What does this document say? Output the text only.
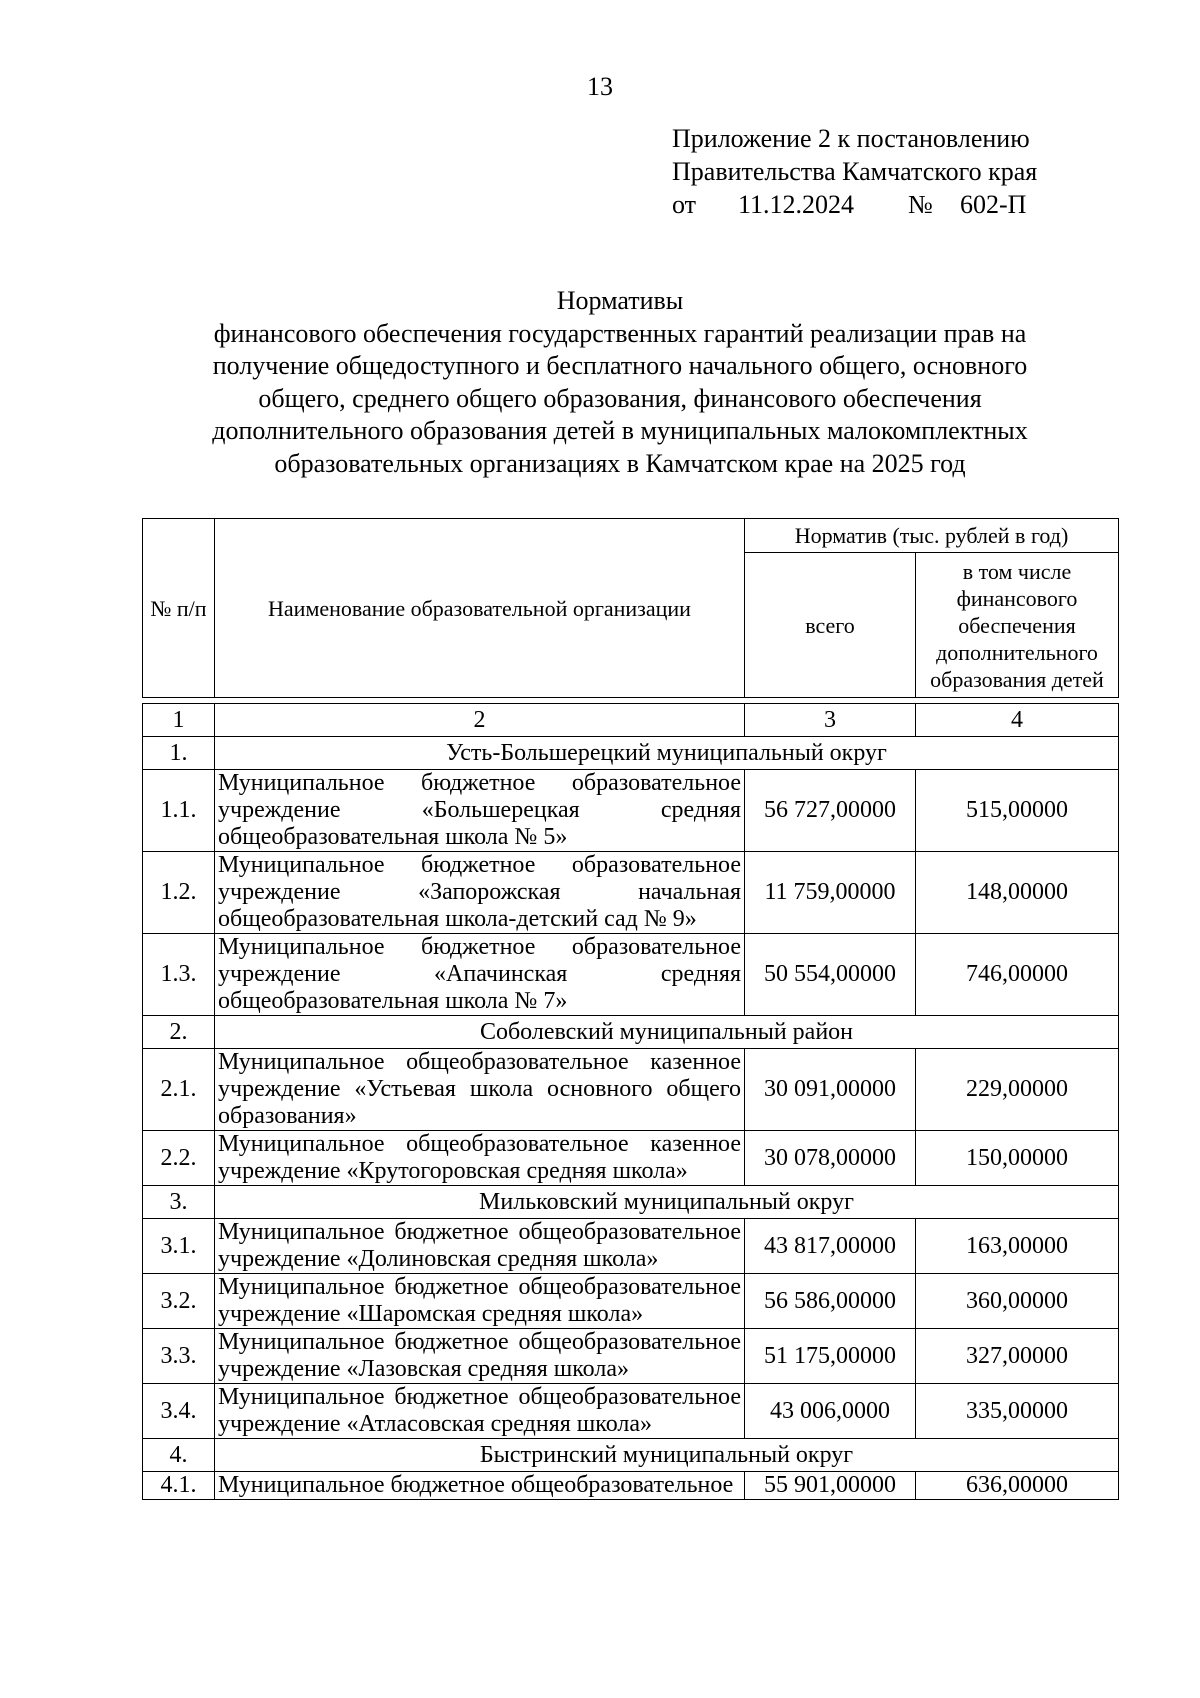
13
Приложение 2 к постановлению
Правительства Камчатского края
от 11.12.2024 № 602-П
Нормативы
финансового обеспечения государственных гарантий реализации прав на
получение общедоступного и бесплатного начального общего, основного
общего, среднего общего образования, финансового обеспечения
дополнительного образования детей в муниципальных малокомплектных
образовательных организациях в Камчатском крае на 2025 год
№ п/п	Наименование образовательной организации	Норматив (тыс. рублей в год)	
		всего	в том числе финансового обеспечения дополнительного образования детей
1	2	3	4
1.	Усть-Большерецкий муниципальный округ		
1.1.	Муниципальное бюджетное образовательное учреждение «Большерецкая средняя общеобразовательная школа № 5»	56 727,00000	515,00000
1.2.	Муниципальное бюджетное образовательное учреждение «Запорожская начальная общеобразовательная школа-детский сад № 9»	11 759,00000	148,00000
1.3.	Муниципальное бюджетное образовательное учреждение «Апачинская средняя общеобразовательная школа № 7»	50 554,00000	746,00000
2.	Соболевский муниципальный район		
2.1.	Муниципальное общеобразовательное казенное учреждение «Устьевая школа основного общего образования»	30 091,00000	229,00000
2.2.	Муниципальное общеобразовательное казенное учреждение «Крутогоровская средняя школа»	30 078,00000	150,00000
3.	Мильковский муниципальный округ		
3.1.	Муниципальное бюджетное общеобразовательное учреждение «Долиновская средняя школа»	43 817,00000	163,00000
3.2.	Муниципальное бюджетное общеобразовательное учреждение «Шаромская средняя школа»	56 586,00000	360,00000
3.3.	Муниципальное бюджетное общеобразовательное учреждение «Лазовская средняя школа»	51 175,00000	327,00000
3.4.	Муниципальное бюджетное общеобразовательное учреждение «Атласовская средняя школа»	43 006,0000	335,00000
4.	Быстринский муниципальный округ		
4.1.	Муниципальное бюджетное общеобразовательное	55 901,00000	636,00000
